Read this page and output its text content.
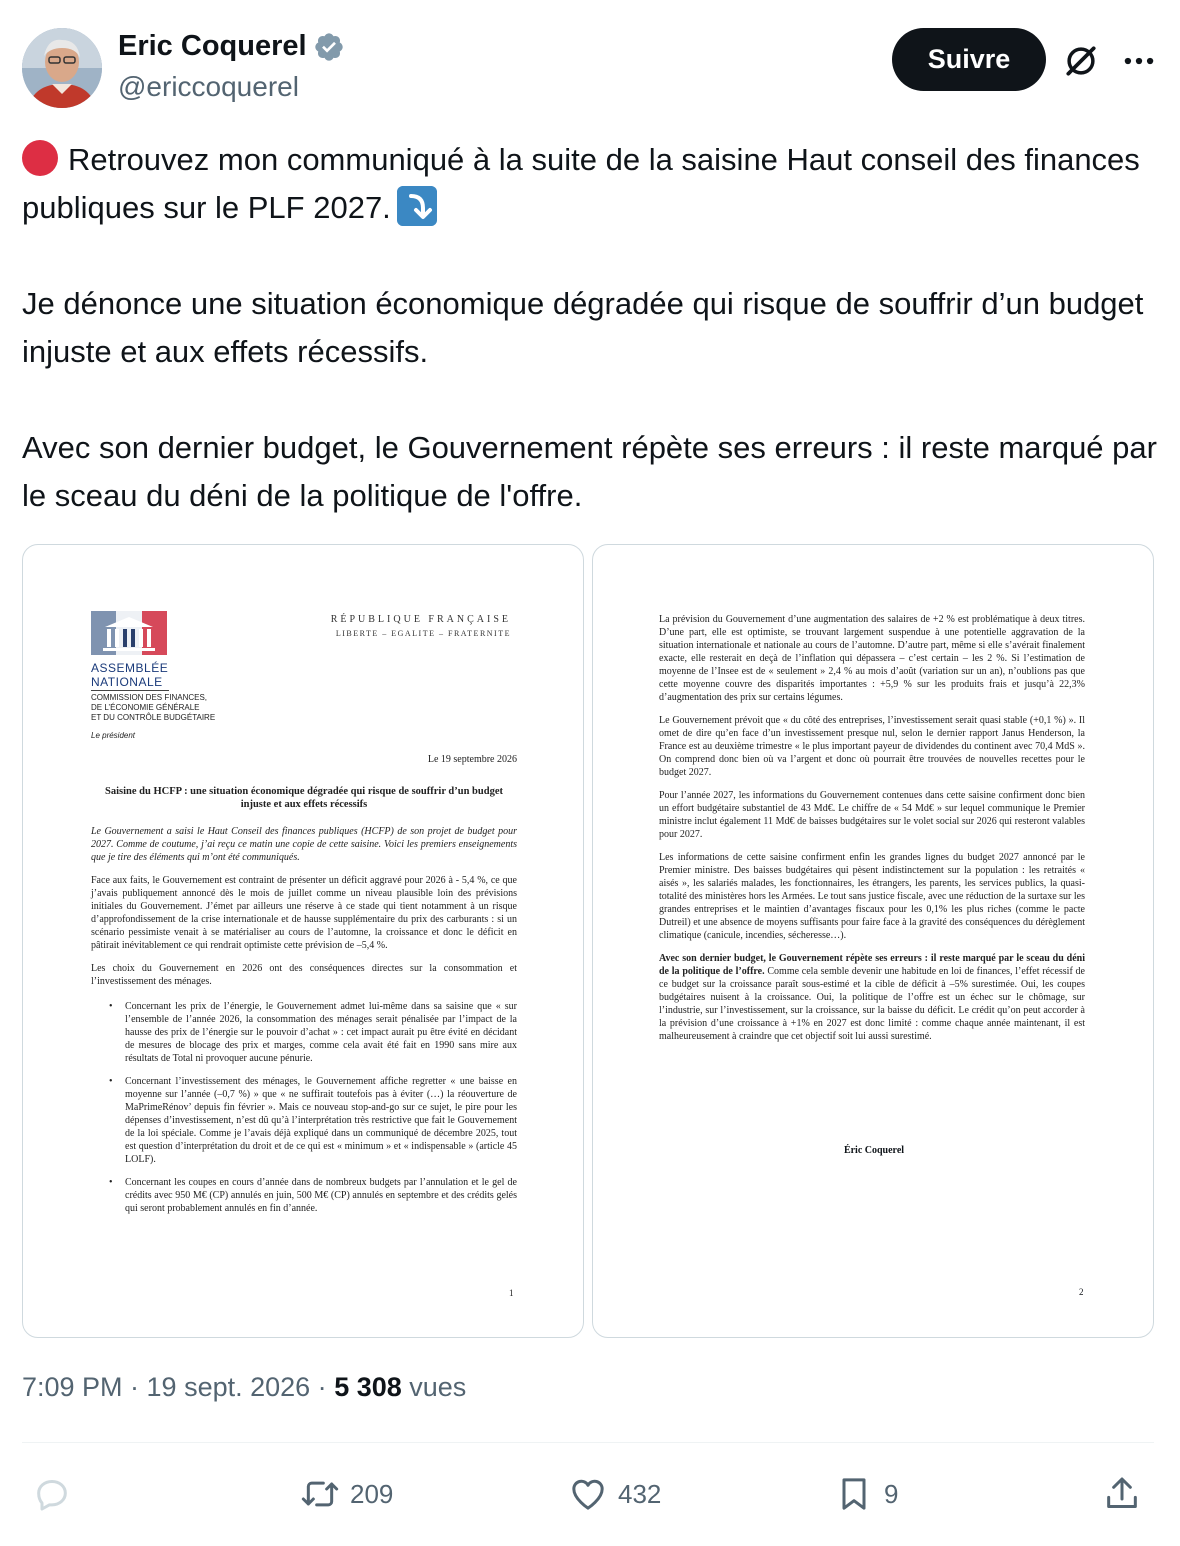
Eric Coquerel
@ericcoquerel
Suivre

Retrouvez mon communiqué à la suite de la saisine Haut conseil des finances publiques sur le PLF 2027.

Je dénonce une situation économique dégradée qui risque de souffrir d’un budget injuste et aux effets récessifs.

Avec son dernier budget, le Gouvernement répète ses erreurs : il reste marqué par le sceau du déni de la politique de l'offre.

ASSEMBLÉE
NATIONALE
COMMISSION DES FINANCES,
DE L’ÉCONOMIE GÉNÉRALE
ET DU CONTRÔLE BUDGÉTAIRE
Le président
RÉPUBLIQUE FRANÇAISE
LIBERTE – EGALITE – FRATERNITE
Le 19 septembre 2026
Saisine du HCFP : une situation économique dégradée qui risque de souffrir d’un budget injuste et aux effets récessifs

Le Gouvernement a saisi le Haut Conseil des finances publiques (HCFP) de son projet de budget pour 2027. Comme de coutume, j’ai reçu ce matin une copie de cette saisine. Voici les premiers enseignements que je tire des éléments qui m’ont été communiqués.

Face aux faits, le Gouvernement est contraint de présenter un déficit aggravé pour 2026 à - 5,4 %, ce que j’avais publiquement annoncé dès le mois de juillet comme un niveau plausible loin des prévisions initiales du Gouvernement. J’émet par ailleurs une réserve à ce stade qui tient notamment à un risque d’approfondissement de la crise internationale et de hausse supplémentaire du prix des carburants : si un scénario pessimiste venait à se matérialiser au cours de l’automne, la croissance et donc le déficit en pâtirait inévitablement ce qui rendrait optimiste cette prévision de –5,4 %.

Les choix du Gouvernement en 2026 ont des conséquences directes sur la consommation et l’investissement des ménages.

• Concernant les prix de l’énergie, le Gouvernement admet lui-même dans sa saisine que « sur l’ensemble de l’année 2026, la consommation des ménages serait pénalisée par l’impact de la hausse des prix de l’énergie sur le pouvoir d’achat » : cet impact aurait pu être évité en décidant de mesures de blocage des prix et marges, comme cela avait été fait en 1990 sans mire aux résultats de Total ni provoquer aucune pénurie.
• Concernant l’investissement des ménages, le Gouvernement affiche regretter « une baisse en moyenne sur l’année (–0,7 %) » que « ne suffirait toutefois pas à éviter (…) la réouverture de MaPrimeRénov’ depuis fin février ». Mais ce nouveau stop-and-go sur ce sujet, le pire pour les dépenses d’investissement, n’est dû qu’à l’interprétation très restrictive que fait le Gouvernement de la loi spéciale. Comme je l’avais déjà expliqué dans un communiqué de décembre 2025, tout est question d’interprétation du droit et de ce qui est « minimum » et « indispensable » (article 45 LOLF).
• Concernant les coupes en cours d’année dans de nombreux budgets par l’annulation et le gel de crédits avec 950 M€ (CP) annulés en juin, 500 M€ (CP) annulés en septembre et des crédits gelés qui seront probablement annulés en fin d’année.
1

La prévision du Gouvernement d’une augmentation des salaires de +2 % est problématique à deux titres. D’une part, elle est optimiste, se trouvant largement suspendue à une potentielle aggravation de la situation internationale et nationale au cours de l’automne. D’autre part, même si elle s’avérait finalement exacte, elle resterait en deçà de l’inflation qui dépassera – c’est certain – les 2 %. Si l’estimation de moyenne de l’Insee est de « seulement » 2,4 % au mois d’août (variation sur un an), n’oublions pas que cette moyenne couvre des disparités importantes : +5,9 % sur les produits frais et jusqu’à 22,3% d’augmentation des prix sur certains légumes.

Le Gouvernement prévoit que « du côté des entreprises, l’investissement serait quasi stable (+0,1 %) ». Il omet de dire qu’en face d’un investissement presque nul, selon le dernier rapport Janus Henderson, la France est au deuxième trimestre « le plus important payeur de dividendes du continent avec 70,4 MdS ». On comprend donc bien où va l’argent et donc où pourrait être trouvées de nouvelles recettes pour le budget 2027.

Pour l’année 2027, les informations du Gouvernement contenues dans cette saisine confirment donc bien un effort budgétaire substantiel de 43 Md€. Le chiffre de « 54 Md€ » sur lequel communique le Premier ministre inclut également 11 Md€ de baisses budgétaires sur le volet social sur 2026 qui resteront valables pour 2027.

Les informations de cette saisine confirment enfin les grandes lignes du budget 2027 annoncé par le Premier ministre. Des baisses budgétaires qui pèsent indistinctement sur la population : les retraités « aisés », les salariés malades, les fonctionnaires, les étrangers, les parents, les services publics, la quasi-totalité des ministères hors les Armées. Le tout sans justice fiscale, avec une réduction de la surtaxe sur les grandes entreprises et le maintien d’avantages fiscaux pour les 0,1% les plus riches (comme le pacte Dutreil) et une absence de moyens suffisants pour faire face à la gravité des conséquences du dérèglement climatique (canicule, incendies, sécheresse…).

Avec son dernier budget, le Gouvernement répète ses erreurs : il reste marqué par le sceau du déni de la politique de l’offre. Comme cela semble devenir une habitude en loi de finances, l’effet récessif de ce budget sur la croissance paraît sous-estimé et la cible de déficit à –5% surestimée. Oui, les coupes budgétaires nuisent à la croissance. Oui, la politique de l’offre est un échec sur le chômage, sur l’industrie, sur l’investissement, sur la croissance, sur la baisse du déficit. Le crédit qu’on peut accorder à la prévision d’une croissance à +1% en 2027 est donc limité : comme chaque année maintenant, il est malheureusement à craindre que cet objectif soit lui aussi surestimé.

Éric Coquerel
2
7:09 PM · 19 sept. 2026 · 5 308 vues
209	432	9
